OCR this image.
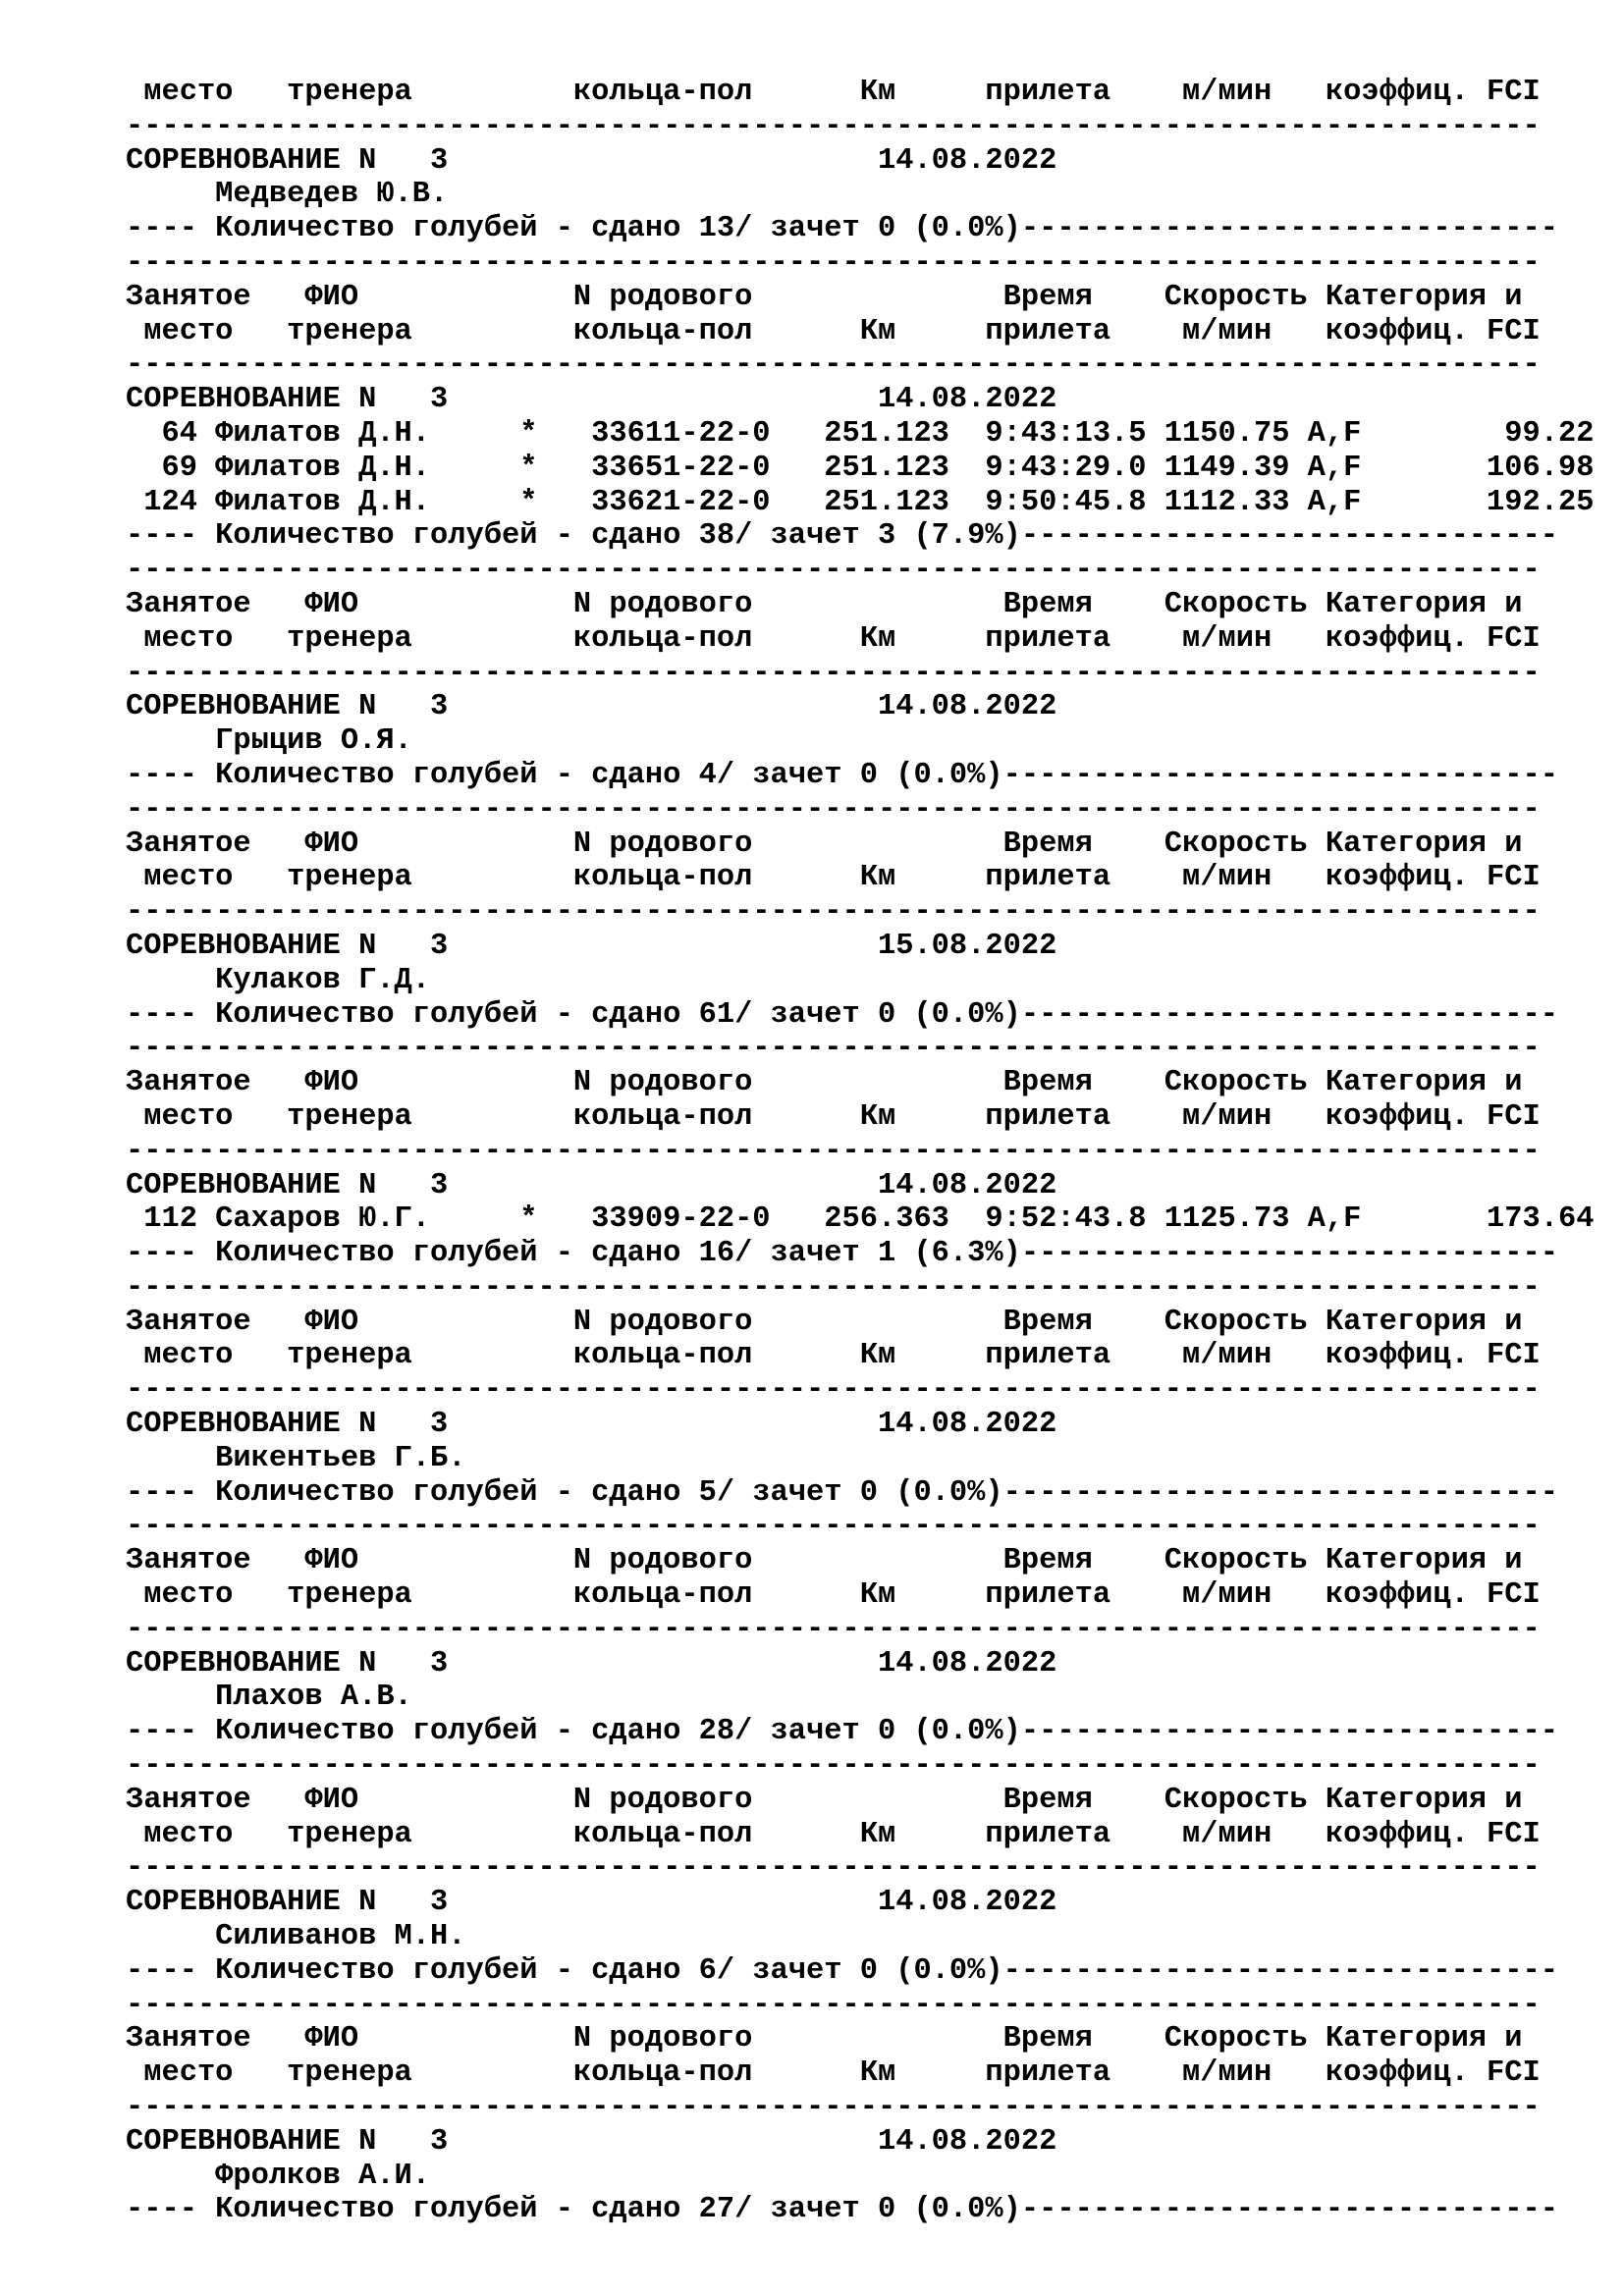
место   тренера         кольца-пол      Км     прилета    м/мин   коэффиц. FCI
-------------------------------------------------------------------------------
СОРЕВНОВАНИЕ N   3                        14.08.2022
Медведев Ю.В.
---- Количество голубей - сдано 13/ зачет 0 (0.0%)------------------------------
-------------------------------------------------------------------------------
Занятое   ФИО            N родового              Время    Скорость Категория и
место   тренера         кольца-пол      Км     прилета    м/мин   коэффиц. FCI
-------------------------------------------------------------------------------
СОРЕВНОВАНИЕ N   3                        14.08.2022
64 Филатов Д.Н.     *   33611-22-0   251.123  9:43:13.5 1150.75 A,F        99.22
69 Филатов Д.Н.     *   33651-22-0   251.123  9:43:29.0 1149.39 A,F       106.98
124 Филатов Д.Н.     *   33621-22-0   251.123  9:50:45.8 1112.33 A,F       192.25
---- Количество голубей - сдано 38/ зачет 3 (7.9%)------------------------------
-------------------------------------------------------------------------------
Занятое   ФИО            N родового              Время    Скорость Категория и
место   тренера         кольца-пол      Км     прилета    м/мин   коэффиц. FCI
-------------------------------------------------------------------------------
СОРЕВНОВАНИЕ N   3                        14.08.2022
Грыцив О.Я.
---- Количество голубей - сдано 4/ зачет 0 (0.0%)-------------------------------
-------------------------------------------------------------------------------
Занятое   ФИО            N родового              Время    Скорость Категория и
место   тренера         кольца-пол      Км     прилета    м/мин   коэффиц. FCI
-------------------------------------------------------------------------------
СОРЕВНОВАНИЕ N   3                        15.08.2022
Кулаков Г.Д.
---- Количество голубей - сдано 61/ зачет 0 (0.0%)------------------------------
-------------------------------------------------------------------------------
Занятое   ФИО            N родового              Время    Скорость Категория и
место   тренера         кольца-пол      Км     прилета    м/мин   коэффиц. FCI
-------------------------------------------------------------------------------
СОРЕВНОВАНИЕ N   3                        14.08.2022
112 Сахаров Ю.Г.     *   33909-22-0   256.363  9:52:43.8 1125.73 A,F       173.64
---- Количество голубей - сдано 16/ зачет 1 (6.3%)------------------------------
-------------------------------------------------------------------------------
Занятое   ФИО            N родового              Время    Скорость Категория и
место   тренера         кольца-пол      Км     прилета    м/мин   коэффиц. FCI
-------------------------------------------------------------------------------
СОРЕВНОВАНИЕ N   3                        14.08.2022
Викентьев Г.Б.
---- Количество голубей - сдано 5/ зачет 0 (0.0%)-------------------------------
-------------------------------------------------------------------------------
Занятое   ФИО            N родового              Время    Скорость Категория и
место   тренера         кольца-пол      Км     прилета    м/мин   коэффиц. FCI
-------------------------------------------------------------------------------
СОРЕВНОВАНИЕ N   3                        14.08.2022
Плахов А.В.
---- Количество голубей - сдано 28/ зачет 0 (0.0%)------------------------------
-------------------------------------------------------------------------------
Занятое   ФИО            N родового              Время    Скорость Категория и
место   тренера         кольца-пол      Км     прилета    м/мин   коэффиц. FCI
-------------------------------------------------------------------------------
СОРЕВНОВАНИЕ N   3                        14.08.2022
Силиванов М.Н.
---- Количество голубей - сдано 6/ зачет 0 (0.0%)-------------------------------
-------------------------------------------------------------------------------
Занятое   ФИО            N родового              Время    Скорость Категория и
место   тренера         кольца-пол      Км     прилета    м/мин   коэффиц. FCI
-------------------------------------------------------------------------------
СОРЕВНОВАНИЕ N   3                        14.08.2022
Фролков А.И.
---- Количество голубей - сдано 27/ зачет 0 (0.0%)------------------------------
